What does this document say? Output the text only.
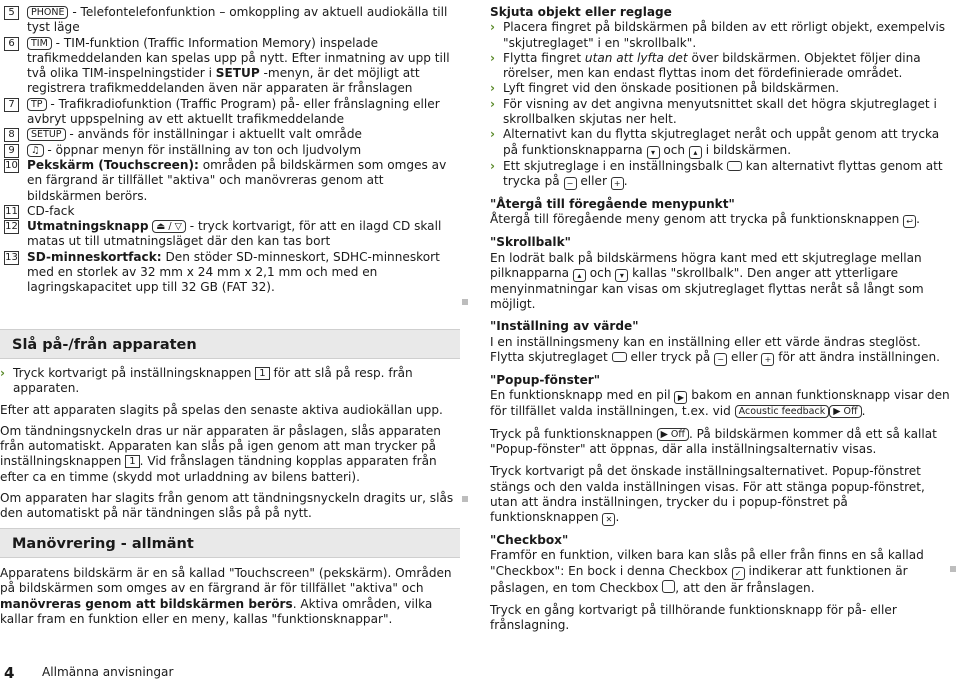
5	PHONE - Telefontelefonfunktion – omkoppling av aktuell audiokälla till tyst läge
6	TIM - TIM-funktion (Traffic Information Memory) inspelade trafikmeddelanden kan spelas upp på nytt. Efter inmatning av upp till två olika TIM-inspelningstider i SETUP -menyn, är det möjligt att registrera trafikmeddelanden även när apparaten är frånslagen
7	TP - Trafikradiofunktion (Traffic Program) på- eller frånslagning eller avbryt uppspelning av ett aktuellt trafikmeddelande
8	SETUP - används för inställningar i aktuellt valt område
9	♫ - öppnar menyn för inställning av ton och ljudvolym
10 Pekskärm (Touchscreen): områden på bildskärmen som omges av en färgrand är tillfället "aktiva" och manövreras genom att bildskärmen berörs.
11 CD-fack
12 Utmatningsknapp ⏏ / ▽ - tryck kortvarigt, för att en ilagd CD skall matas ut till utmatningsläget där den kan tas bort
13 SD-minneskortfack: Den stöder SD-minneskort, SDHC-minneskort med en storlek av 32 mm x 24 mm x 2,1 mm och med en lagringskapacitet upp till 32 GB (FAT 32).
Slå på-/från apparaten
› Tryck kortvarigt på inställningsknappen 1 för att slå på resp. från apparaten.

Efter att apparaten slagits på spelas den senaste aktiva audiokällan upp.

Om tändningsnyckeln dras ur när apparaten är påslagen, slås apparaten från automatiskt. Apparaten kan slås på igen genom att man trycker på inställningsknappen 1 . Vid frånslagen tändning kopplas apparaten från efter ca en timme (skydd mot urladdning av bilens batteri).

Om apparaten har slagits från genom att tändningsnyckeln dragits ur, slås den automatiskt på när tändningen slås på på nytt.

Manövrering - allmänt

Apparatens bildskärm är en så kallad "Touchscreen" (pekskärm). Områden på bildskärmen som omges av en färgrand är för tillfället "aktiva" och manövreras genom att bildskärmen berörs. Aktiva områden, vilka kallar fram en funktion eller en meny, kallas "funktionsknappar".

Skjuta objekt eller reglage
› Placera fingret på bildskärmen på bilden av ett rörligt objekt, exempelvis "skjutreglaget" i en "skrollbalk".
› Flytta fingret utan att lyfta det över bildskärmen. Objektet följer dina rörelser, men kan endast flyttas inom det fördefinierade området.
› Lyft fingret vid den önskade positionen på bildskärmen.
› För visning av det angivna menyutsnittet skall det högra skjutreglaget i skrollbalken skjutas ner helt.
› Alternativt kan du flytta skjutreglaget neråt och uppåt genom att trycka på funktionsknapparna ▾ och ▴ i bildskärmen.
› Ett skjutreglage i en inställningsbalk  kan alternativt flyttas genom att trycka på − eller + .
"Återgå till föregående menypunkt"

Återgå till föregående meny genom att trycka på funktionsknappen ↩ .

"Skrollbalk"

En lodrät balk på bildskärmens högra kant med ett skjutreglage mellan pilknapparna ▴ och ▾ kallas "skrollbalk". Den anger att ytterligare menyinmatningar kan visas om skjutreglaget flyttas neråt så långt som möjligt.

"Inställning av värde"

I en inställningsmeny kan en inställning eller ett värde ändras steglöst. Flytta skjutreglaget  eller tryck på − eller + för att ändra inställningen.

"Popup-fönster"

En funktionsknapp med en pil ▶ bakom en annan funktionsknapp visar den för tillfället valda inställningen, t.ex. vid Acoustic feedback ▶ Off .

Tryck på funktionsknappen ▶ Off . På bildskärmen kommer då ett så kallat "Popup-fönster" att öppnas, där alla inställningsalternativ visas.

Tryck kortvarigt på det önskade inställningsalternativet. Popup-fönstret stängs och den valda inställningen visas. För att stänga popup-fönstret, utan att ändra inställningen, trycker du i popup-fönstret på funktionsknappen ✕ .

"Checkbox"

Framför en funktion, vilken bara kan slås på eller från finns en så kallad "Checkbox": En bock i denna Checkbox ✓ indikerar att funktionen är påslagen, en tom Checkbox , att den är frånslagen.

Tryck en gång kortvarigt på tillhörande funktionsknapp för på- eller frånslagning.

4 Allmänna anvisningar
